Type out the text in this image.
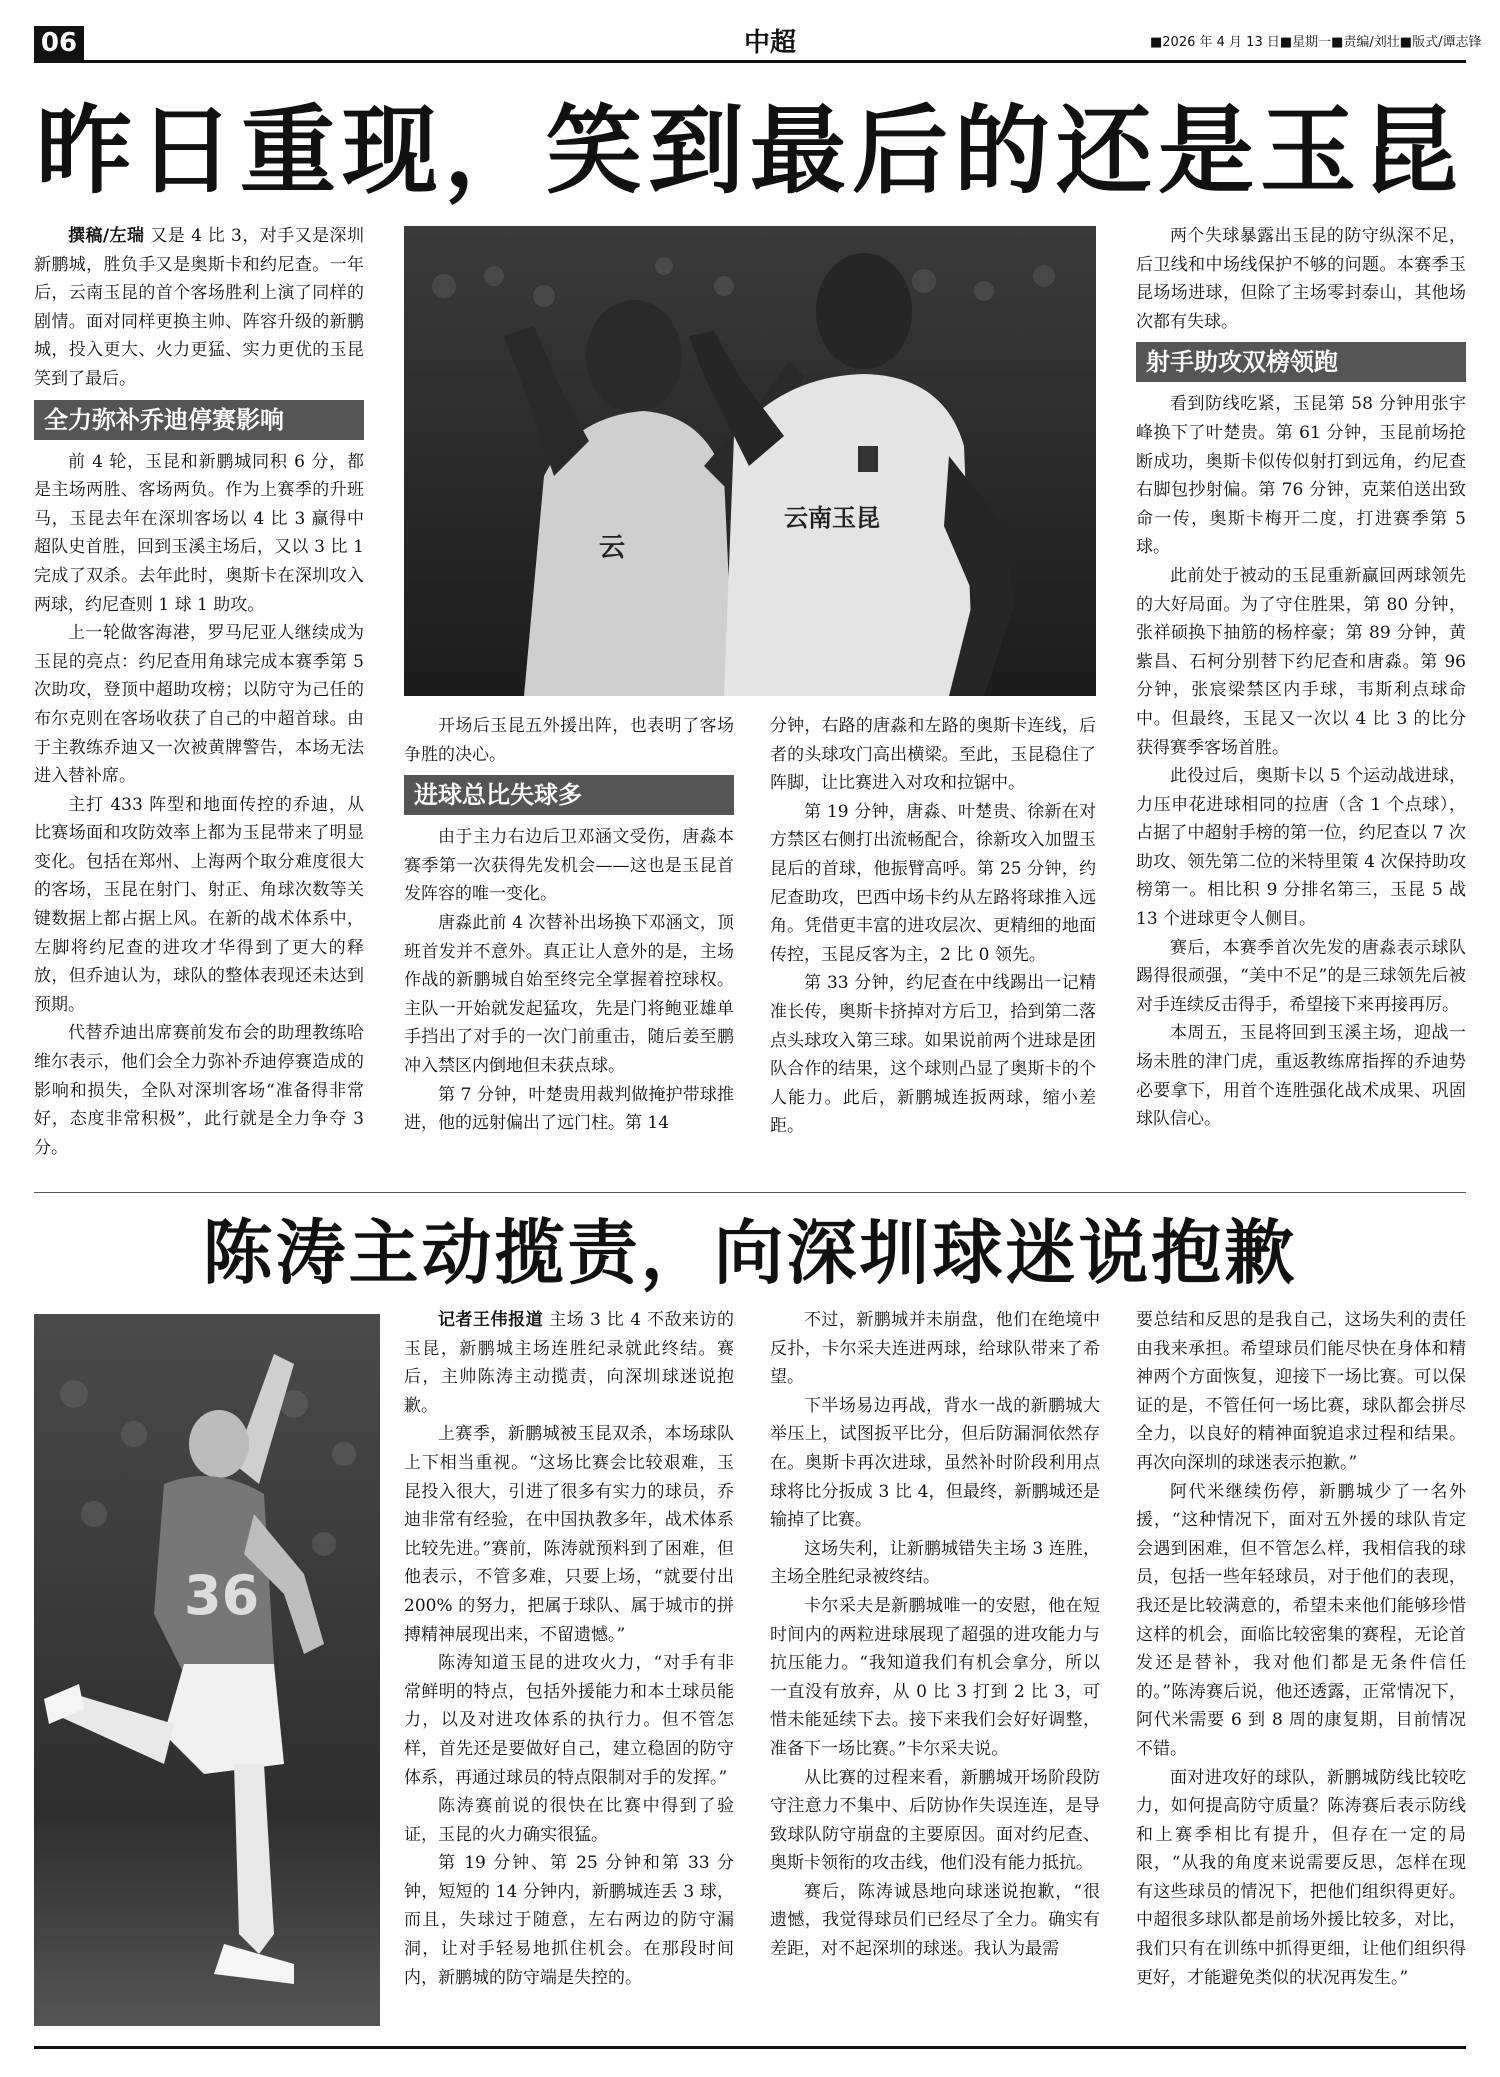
06	中超	■2026 年 4 月 13 日■星期一■责编/刘壮■版式/谭志锋
昨日重现，笑到最后的还是玉昆

撰稿/左瑞 又是 4 比 3，对手又是深圳新鹏城，胜负手又是奥斯卡和约尼查。一年后，云南玉昆的首个客场胜利上演了同样的剧情。面对同样更换主帅、阵容升级的新鹏城，投入更大、火力更猛、实力更优的玉昆笑到了最后。

全力弥补乔迪停赛影响

前 4 轮，玉昆和新鹏城同积 6 分，都是主场两胜、客场两负。作为上赛季的升班马，玉昆去年在深圳客场以 4 比 3 赢得中超队史首胜，回到玉溪主场后，又以 3 比 1 完成了双杀。去年此时，奥斯卡在深圳攻入两球，约尼查则 1 球 1 助攻。

上一轮做客海港，罗马尼亚人继续成为玉昆的亮点：约尼查用角球完成本赛季第 5 次助攻，登顶中超助攻榜；以防守为己任的布尔克则在客场收获了自己的中超首球。由于主教练乔迪又一次被黄牌警告，本场无法进入替补席。

主打 433 阵型和地面传控的乔迪，从比赛场面和攻防效率上都为玉昆带来了明显变化。包括在郑州、上海两个取分难度很大的客场，玉昆在射门、射正、角球次数等关键数据上都占据上风。在新的战术体系中，左脚将约尼查的进攻才华得到了更大的释放，但乔迪认为，球队的整体表现还未达到预期。

代替乔迪出席赛前发布会的助理教练哈维尔表示，他们会全力弥补乔迪停赛造成的影响和损失，全队对深圳客场“准备得非常好，态度非常积极”，此行就是全力争夺 3 分。

云
云南玉昆

开场后玉昆五外援出阵，也表明了客场争胜的决心。

进球总比失球多

由于主力右边后卫邓涵文受伤，唐淼本赛季第一次获得先发机会——这也是玉昆首发阵容的唯一变化。

唐淼此前 4 次替补出场换下邓涵文，顶班首发并不意外。真正让人意外的是，主场作战的新鹏城自始至终完全掌握着控球权。主队一开始就发起猛攻，先是门将鲍亚雄单手挡出了对手的一次门前重击，随后姜至鹏冲入禁区内倒地但未获点球。

第 7 分钟，叶楚贵用裁判做掩护带球推进，他的远射偏出了远门柱。第 14

分钟，右路的唐淼和左路的奥斯卡连线，后者的头球攻门高出横梁。至此，玉昆稳住了阵脚，让比赛进入对攻和拉锯中。

第 19 分钟，唐淼、叶楚贵、徐新在对方禁区右侧打出流畅配合，徐新攻入加盟玉昆后的首球，他振臂高呼。第 25 分钟，约尼查助攻，巴西中场卡约从左路将球推入远角。凭借更丰富的进攻层次、更精细的地面传控，玉昆反客为主，2 比 0 领先。

第 33 分钟，约尼查在中线踢出一记精准长传，奥斯卡挤掉对方后卫，拾到第二落点头球攻入第三球。如果说前两个进球是团队合作的结果，这个球则凸显了奥斯卡的个人能力。此后，新鹏城连扳两球，缩小差距。

两个失球暴露出玉昆的防守纵深不足，后卫线和中场线保护不够的问题。本赛季玉昆场场进球，但除了主场零封泰山，其他场次都有失球。

射手助攻双榜领跑

看到防线吃紧，玉昆第 58 分钟用张宇峰换下了叶楚贵。第 61 分钟，玉昆前场抢断成功，奥斯卡似传似射打到远角，约尼查右脚包抄射偏。第 76 分钟，克莱伯送出致命一传，奥斯卡梅开二度，打进赛季第 5 球。

此前处于被动的玉昆重新赢回两球领先的大好局面。为了守住胜果，第 80 分钟，张祥硕换下抽筋的杨梓豪；第 89 分钟，黄紫昌、石柯分别替下约尼查和唐淼。第 96 分钟，张宸梁禁区内手球，韦斯利点球命中。但最终，玉昆又一次以 4 比 3 的比分获得赛季客场首胜。

此役过后，奥斯卡以 5 个运动战进球，力压申花进球相同的拉唐（含 1 个点球），占据了中超射手榜的第一位，约尼查以 7 次助攻、领先第二位的米特里策 4 次保持助攻榜第一。相比积 9 分排名第三，玉昆 5 战 13 个进球更令人侧目。

赛后，本赛季首次先发的唐淼表示球队踢得很顽强，“美中不足”的是三球领先后被对手连续反击得手，希望接下来再接再厉。

本周五，玉昆将回到玉溪主场，迎战一场未胜的津门虎，重返教练席指挥的乔迪势必要拿下，用首个连胜强化战术成果、巩固球队信心。

陈涛主动揽责，向深圳球迷说抱歉
36

记者王伟报道 主场 3 比 4 不敌来访的玉昆，新鹏城主场连胜纪录就此终结。赛后，主帅陈涛主动揽责，向深圳球迷说抱歉。

上赛季，新鹏城被玉昆双杀，本场球队上下相当重视。“这场比赛会比较艰难，玉昆投入很大，引进了很多有实力的球员，乔迪非常有经验，在中国执教多年，战术体系比较先进。”赛前，陈涛就预料到了困难，但他表示，不管多难，只要上场，“就要付出 200% 的努力，把属于球队、属于城市的拼搏精神展现出来，不留遗憾。”

陈涛知道玉昆的进攻火力，“对手有非常鲜明的特点，包括外援能力和本土球员能力，以及对进攻体系的执行力。但不管怎样，首先还是要做好自己，建立稳固的防守体系，再通过球员的特点限制对手的发挥。”

陈涛赛前说的很快在比赛中得到了验证，玉昆的火力确实很猛。

第 19 分钟、第 25 分钟和第 33 分钟，短短的 14 分钟内，新鹏城连丢 3 球，而且，失球过于随意，左右两边的防守漏洞，让对手轻易地抓住机会。在那段时间内，新鹏城的防守端是失控的。

不过，新鹏城并未崩盘，他们在绝境中反扑，卡尔采夫连进两球，给球队带来了希望。

下半场易边再战，背水一战的新鹏城大举压上，试图扳平比分，但后防漏洞依然存在。奥斯卡再次进球，虽然补时阶段利用点球将比分扳成 3 比 4，但最终，新鹏城还是输掉了比赛。

这场失利，让新鹏城错失主场 3 连胜，主场全胜纪录被终结。

卡尔采夫是新鹏城唯一的安慰，他在短时间内的两粒进球展现了超强的进攻能力与抗压能力。“我知道我们有机会拿分，所以一直没有放弃，从 0 比 3 打到 2 比 3，可惜未能延续下去。接下来我们会好好调整，准备下一场比赛。”卡尔采夫说。

从比赛的过程来看，新鹏城开场阶段防守注意力不集中、后防协作失误连连，是导致球队防守崩盘的主要原因。面对约尼查、奥斯卡领衔的攻击线，他们没有能力抵抗。

赛后，陈涛诚恳地向球迷说抱歉，“很遗憾，我觉得球员们已经尽了全力。确实有差距，对不起深圳的球迷。我认为最需

要总结和反思的是我自己，这场失利的责任由我来承担。希望球员们能尽快在身体和精神两个方面恢复，迎接下一场比赛。可以保证的是，不管任何一场比赛，球队都会拼尽全力，以良好的精神面貌追求过程和结果。再次向深圳的球迷表示抱歉。”

阿代米继续伤停，新鹏城少了一名外援，“这种情况下，面对五外援的球队肯定会遇到困难，但不管怎么样，我相信我的球员，包括一些年轻球员，对于他们的表现，我还是比较满意的，希望未来他们能够珍惜这样的机会，面临比较密集的赛程，无论首发还是替补，我对他们都是无条件信任的。”陈涛赛后说，他还透露，正常情况下，阿代米需要 6 到 8 周的康复期，目前情况不错。

面对进攻好的球队，新鹏城防线比较吃力，如何提高防守质量？陈涛赛后表示防线和上赛季相比有提升，但存在一定的局限，“从我的角度来说需要反思，怎样在现有这些球员的情况下，把他们组织得更好。中超很多球队都是前场外援比较多，对比，我们只有在训练中抓得更细，让他们组织得更好，才能避免类似的状况再发生。”
